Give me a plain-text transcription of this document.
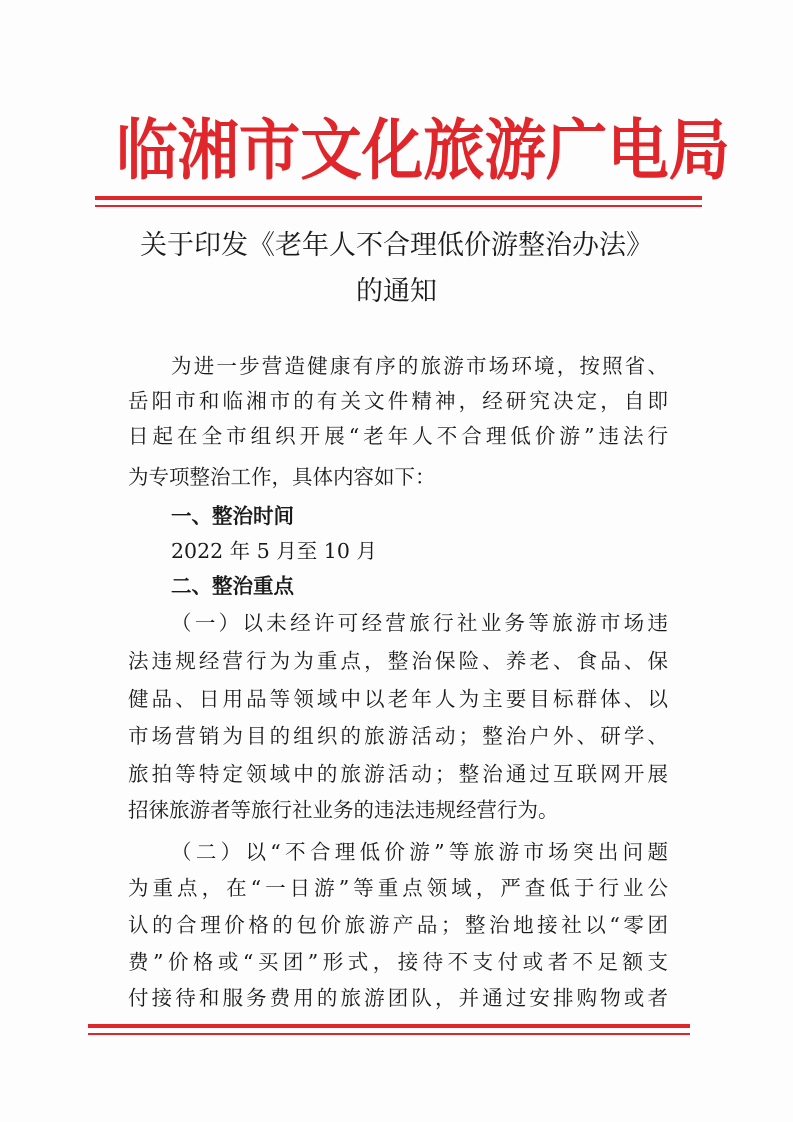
临湘市文化旅游广电局
关于印发《老年人不合理低价游整治办法》
的通知
为进一步营造健康有序的旅游市场环境，按照省、
岳阳市和临湘市的有关文件精神，经研究决定，自即
日起在全市组织开展“老年人不合理低价游”违法行
为专项整治工作，具体内容如下：
一、整治时间
2022 年 5 月至 10 月
二、整治重点
（一）以未经许可经营旅行社业务等旅游市场违
法违规经营行为为重点，整治保险、养老、食品、保
健品、日用品等领域中以老年人为主要目标群体、以
市场营销为目的组织的旅游活动；整治户外、研学、
旅拍等特定领域中的旅游活动；整治通过互联网开展
招徕旅游者等旅行社业务的违法违规经营行为。
（二）以“不合理低价游”等旅游市场突出问题
为重点，在“一日游”等重点领域，严查低于行业公
认的合理价格的包价旅游产品；整治地接社以“零团
费”价格或“买团”形式，接待不支付或者不足额支
付接待和服务费用的旅游团队，并通过安排购物或者
